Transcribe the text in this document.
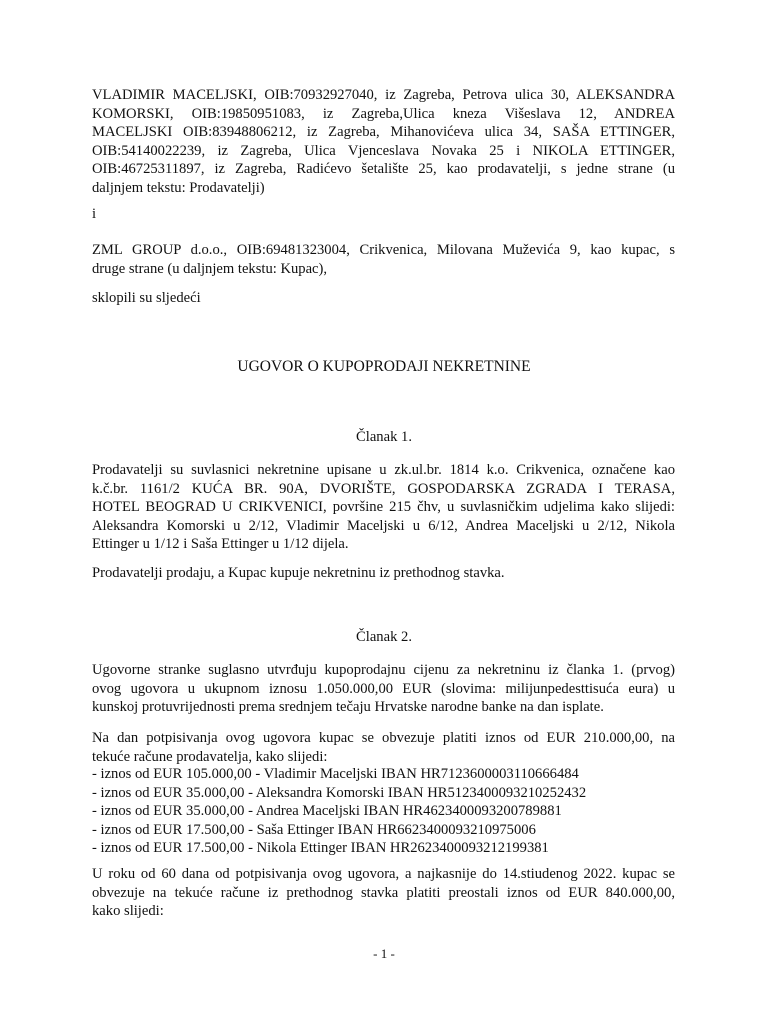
VLADIMIR MACELJSKI, OIB:70932927040, iz Zagreba, Petrova ulica 30, ALEKSANDRA
KOMORSKI, OIB:19850951083, iz Zagreba,Ulica kneza Višeslava 12, ANDREA
MACELJSKI OIB:83948806212, iz Zagreba, Mihanovićeva ulica 34, SAŠA ETTINGER,
OIB:54140022239, iz Zagreba, Ulica Vjenceslava Novaka 25 i NIKOLA ETTINGER,
OIB:46725311897, iz Zagreba, Radićevo šetalište 25, kao prodavatelji, s jedne strane (u
daljnjem tekstu: Prodavatelji)
i
ZML GROUP d.o.o., OIB:69481323004, Crikvenica, Milovana Muževića 9, kao kupac, s
druge strane (u daljnjem tekstu: Kupac),
sklopili su sljedeći
UGOVOR O KUPOPRODAJI NEKRETNINE
Članak 1.
Prodavatelji su suvlasnici nekretnine upisane u zk.ul.br. 1814 k.o. Crikvenica, označene kao
k.č.br. 1161/2 KUĆA BR. 90A, DVORIŠTE, GOSPODARSKA ZGRADA I TERASA,
HOTEL BEOGRAD U CRIKVENICI, površine 215 čhv, u suvlasničkim udjelima kako slijedi:
Aleksandra Komorski u 2/12, Vladimir Maceljski u 6/12, Andrea Maceljski u 2/12, Nikola
Ettinger u 1/12 i Saša Ettinger u 1/12 dijela.
Prodavatelji prodaju, a Kupac kupuje nekretninu iz prethodnog stavka.
Članak 2.
Ugovorne stranke suglasno utvrđuju kupoprodajnu cijenu za nekretninu iz članka 1. (prvog)
ovog ugovora u ukupnom iznosu 1.050.000,00 EUR (slovima: milijunpedesttisuća eura) u
kunskoj protuvrijednosti prema srednjem tečaju Hrvatske narodne banke na dan isplate.
Na dan potpisivanja ovog ugovora kupac se obvezuje platiti iznos od EUR 210.000,00, na
tekuće račune prodavatelja, kako slijedi:
- iznos od EUR 105.000,00 - Vladimir Maceljski IBAN HR7123600003110666484
- iznos od EUR 35.000,00 - Aleksandra Komorski IBAN HR5123400093210252432
- iznos od EUR 35.000,00 - Andrea Maceljski IBAN HR4623400093200789881
- iznos od EUR 17.500,00 - Saša Ettinger IBAN HR6623400093210975006
- iznos od EUR 17.500,00 - Nikola Ettinger IBAN HR2623400093212199381
U roku od 60 dana od potpisivanja ovog ugovora, a najkasnije do 14.stiudenog 2022. kupac se
obvezuje na tekuće račune iz prethodnog stavka platiti preostali iznos od EUR 840.000,00,
kako slijedi:
- 1 -
